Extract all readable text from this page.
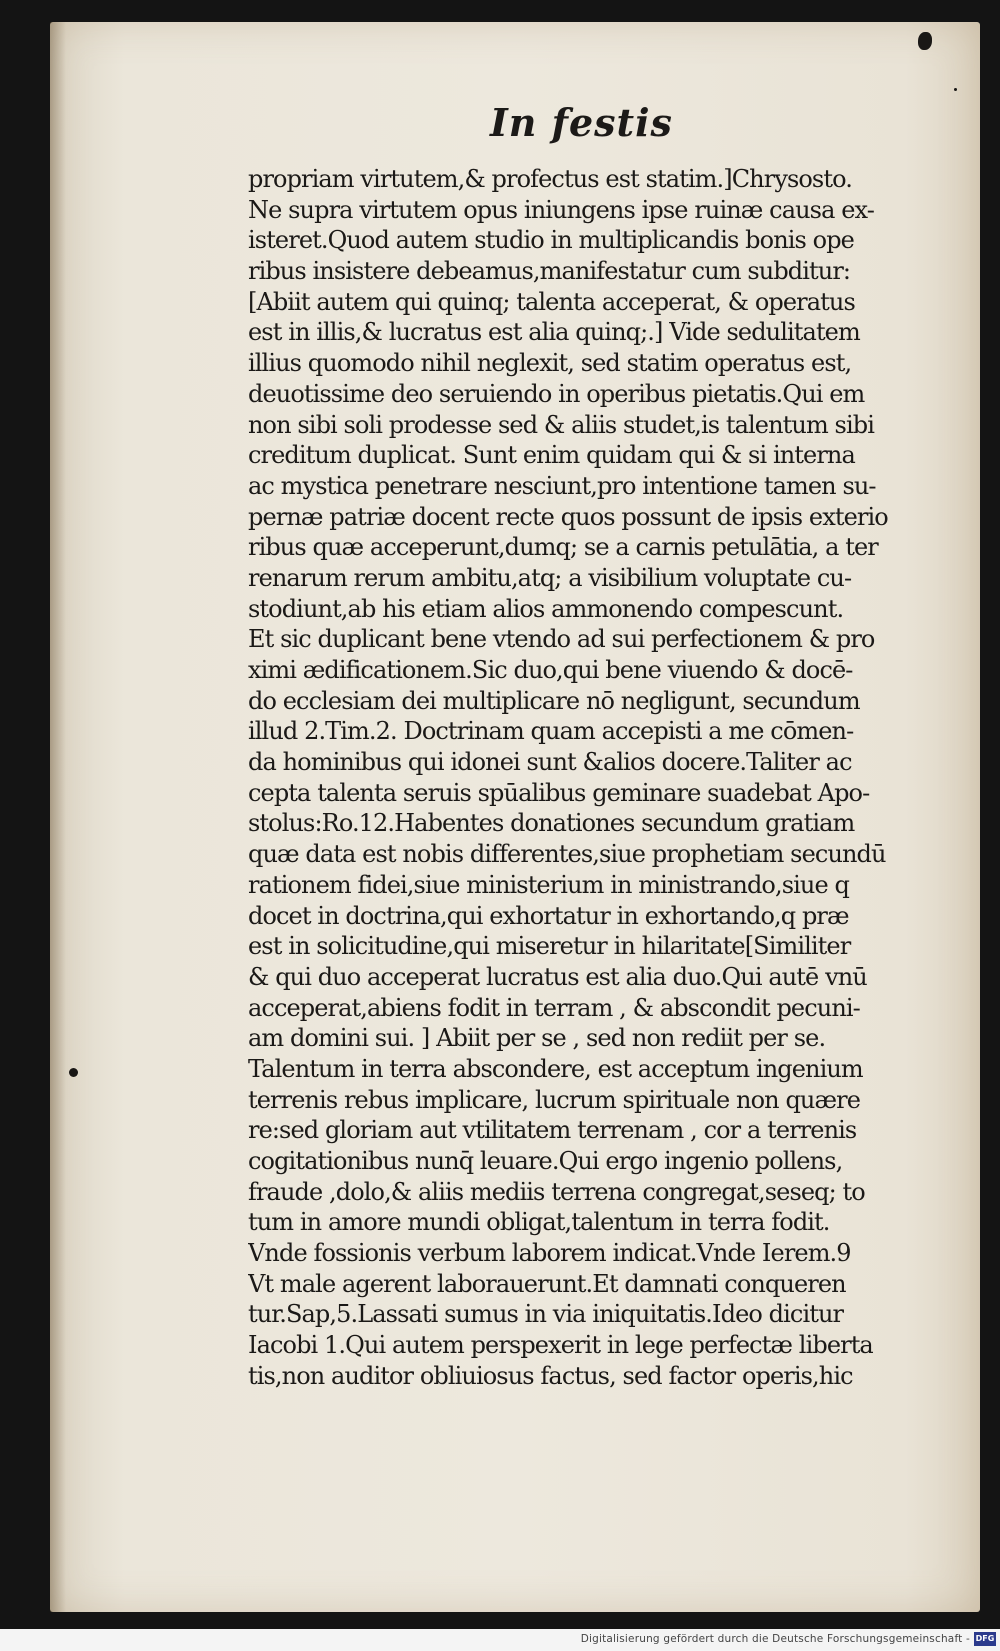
In festis
propriam virtutem,& profectus est statim.]Chrysosto.
Ne supra virtutem opus iniungens ipse ruinæ causa ex-
isteret.Quod autem studio in multiplicandis bonis ope
ribus insistere debeamus,manifestatur cum subditur:
[Abiit autem qui quinq; talenta acceperat, & operatus
est in illis,& lucratus est alia quinq;.] Vide sedulitatem
illius quomodo nihil neglexit, sed statim operatus est,
deuotissime deo seruiendo in operibus pietatis.Qui em
non sibi soli prodesse sed & aliis studet,is talentum sibi
creditum duplicat. Sunt enim quidam qui & si interna
ac mystica penetrare nesciunt,pro intentione tamen su-
pernæ patriæ docent recte quos possunt de ipsis exterio
ribus quæ acceperunt,dumq; se a carnis petulātia, a ter
renarum rerum ambitu,atq; a visibilium voluptate cu-
stodiunt,ab his etiam alios ammonendo compescunt.
Et sic duplicant bene vtendo ad sui perfectionem & pro
ximi ædificationem.Sic duo,qui bene viuendo & docē-
do ecclesiam dei multiplicare nō negligunt, secundum
illud 2.Tim.2. Doctrinam quam accepisti a me cōmen-
da hominibus qui idonei sunt &alios docere.Taliter ac
cepta talenta seruis spūalibus geminare suadebat Apo-
stolus:Ro.12.Habentes donationes secundum gratiam
quæ data est nobis differentes,siue prophetiam secundū
rationem fidei,siue ministerium in ministrando,siue q
docet in doctrina,qui exhortatur in exhortando,q præ
est in solicitudine,qui miseretur in hilaritate[Similiter
& qui duo acceperat lucratus est alia duo.Qui autē vnū
acceperat,abiens fodit in terram , & abscondit pecuni-
am domini sui. ] Abiit per se , sed non rediit per se.
Talentum in terra abscondere, est acceptum ingenium
terrenis rebus implicare, lucrum spirituale non quære
re:sed gloriam aut vtilitatem terrenam , cor a terrenis
cogitationibus nunq̄ leuare.Qui ergo ingenio pollens,
fraude ,dolo,& aliis mediis terrena congregat,seseq; to
tum in amore mundi obligat,talentum in terra fodit.
Vnde fossionis verbum laborem indicat.Vnde Ierem.9
Vt male agerent laborauerunt.Et damnati conqueren
tur.Sap,5.Lassati sumus in via iniquitatis.Ideo dicitur
Iacobi 1.Qui autem perspexerit in lege perfectæ liberta
tis,non auditor obliuiosus factus, sed factor operis,hic
Digitalisierung gefördert durch die Deutsche Forschungsgemeinschaft - DFG
